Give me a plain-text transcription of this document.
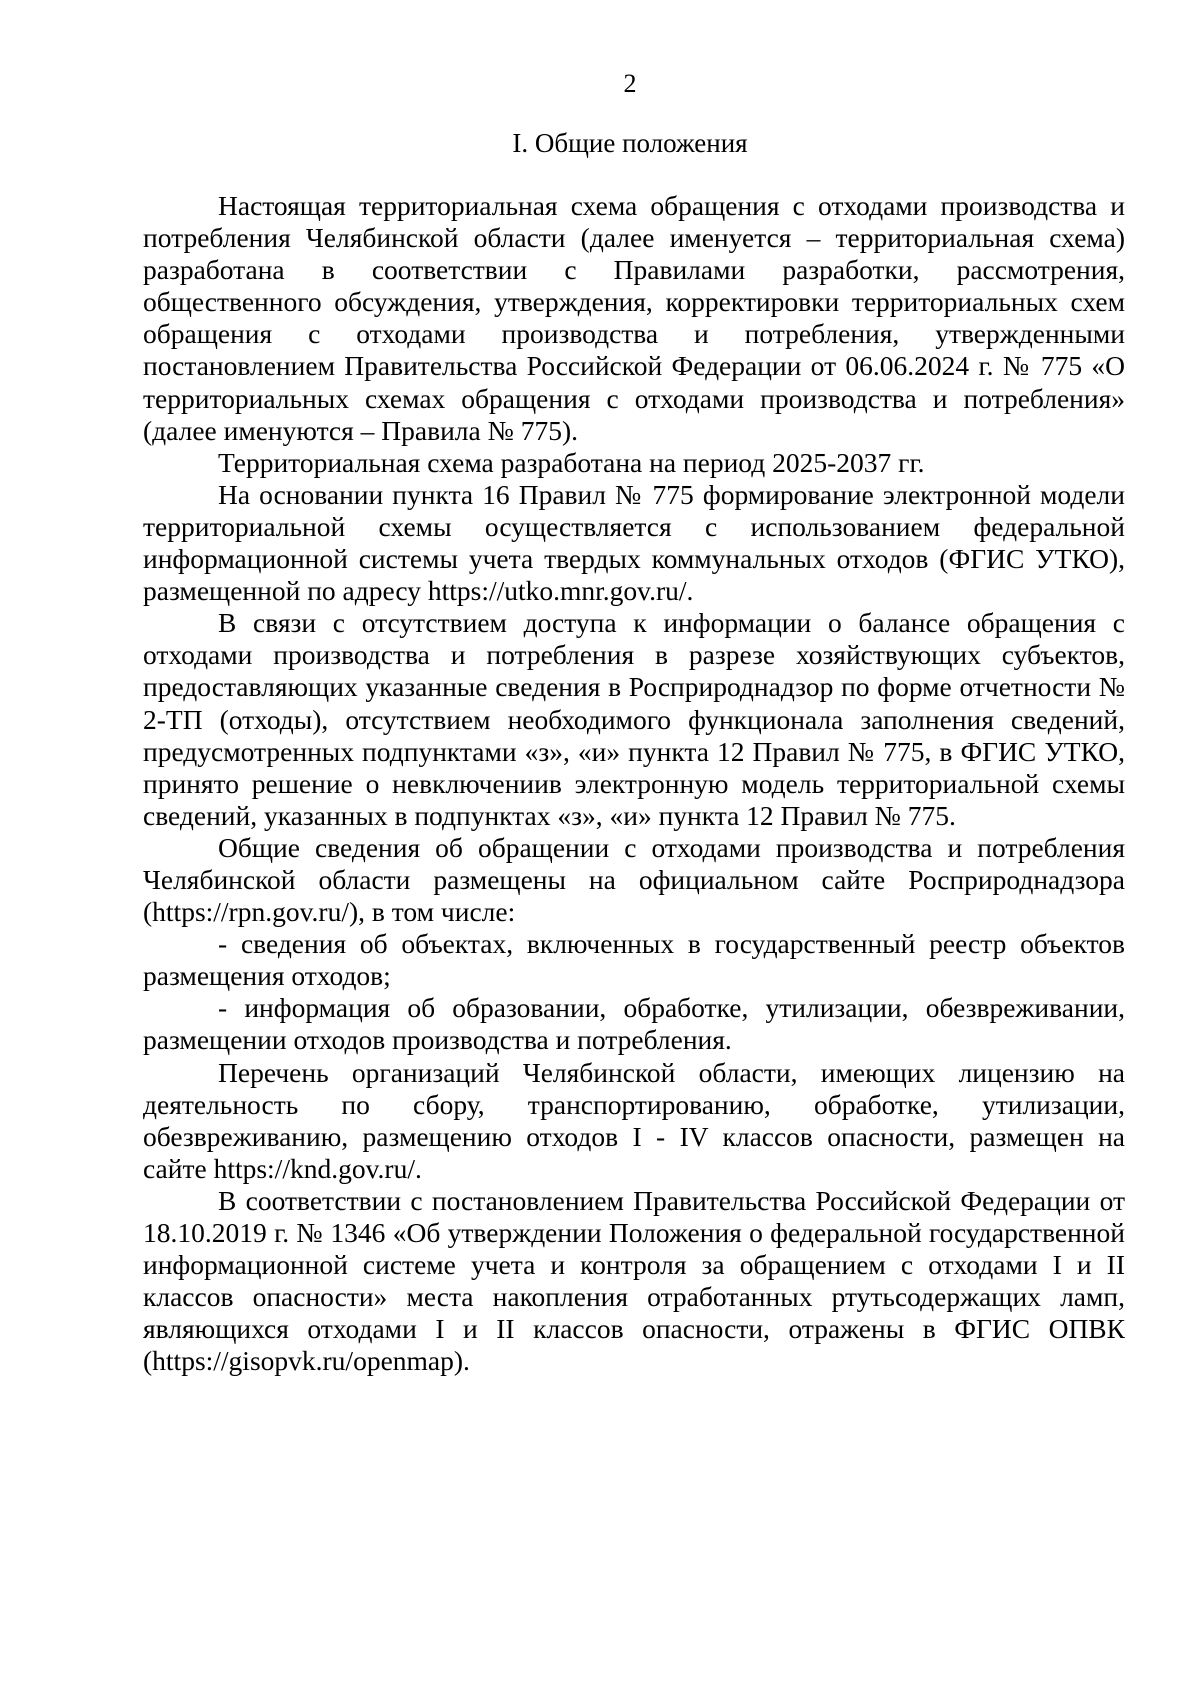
2
I. Общие положения

Настоящая территориальная схема обращения с отходами производства и потребления Челябинской области (далее именуется – территориальная схема) разработана в соответствии с Правилами разработки, рассмотрения, общественного обсуждения, утверждения, корректировки территориальных схем обращения с отходами производства и потребления, утвержденными постановлением Правительства Российской Федерации от 06.06.2024 г. № 775 «О территориальных схемах обращения с отходами производства и потребления» (далее именуются – Правила № 775).

Территориальная схема разработана на период 2025-2037 гг.

На основании пункта 16 Правил № 775 формирование электронной модели территориальной схемы осуществляется с использованием федеральной информационной системы учета твердых коммунальных отходов (ФГИС УТКО), размещенной по адресу https://utko.mnr.gov.ru/.

В связи с отсутствием доступа к информации о балансе обращения с отходами производства и потребления в разрезе хозяйствующих субъектов, предоставляющих указанные сведения в Росприроднадзор по форме отчетности № 2-ТП (отходы), отсутствием необходимого функционала заполнения сведений, предусмотренных подпунктами «з», «и» пункта 12 Правил № 775, в ФГИС УТКО, принято решение о невключениив электронную модель территориальной схемы сведений, указанных в подпунктах «з», «и» пункта 12 Правил № 775.

Общие сведения об обращении с отходами производства и потребления Челябинской области размещены на официальном сайте Росприроднадзора (https://rpn.gov.ru/), в том числе:

- сведения об объектах, включенных в государственный реестр объектов размещения отходов;

- информация об образовании, обработке, утилизации, обезвреживании, размещении отходов производства и потребления.

Перечень организаций Челябинской области, имеющих лицензию на деятельность по сбору, транспортированию, обработке, утилизации, обезвреживанию, размещению отходов I - IV классов опасности, размещен на сайте https://knd.gov.ru/.

В соответствии с постановлением Правительства Российской Федерации от 18.10.2019 г. № 1346 «Об утверждении Положения о федеральной государственной информационной системе учета и контроля за обращением с отходами I и II классов опасности» места накопления отработанных ртутьсодержащих ламп, являющихся отходами I и II классов опасности, отражены в ФГИС ОПВК (https://gisopvk.ru/openmap).
